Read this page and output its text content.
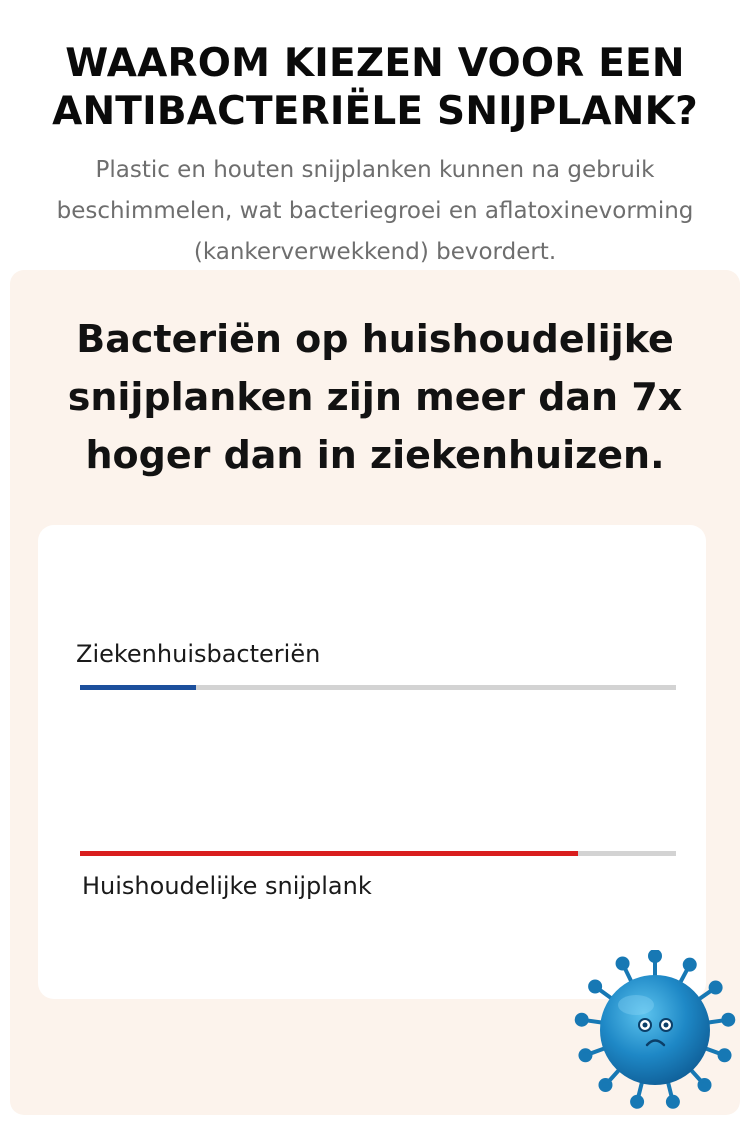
WAAROM KIEZEN VOOR EEN ANTIBACTERIËLE SNIJPLANK?

Plastic en houten snijplanken kunnen na gebruik beschimmelen, wat bacteriegroei en aflatoxinevorming (kankerverwekkend) bevordert.

Bacteriën op huishoudelijke snijplanken zijn meer dan 7x hoger dan in ziekenhuizen.
Ziekenhuisbacteriën
Huishoudelijke snijplank
